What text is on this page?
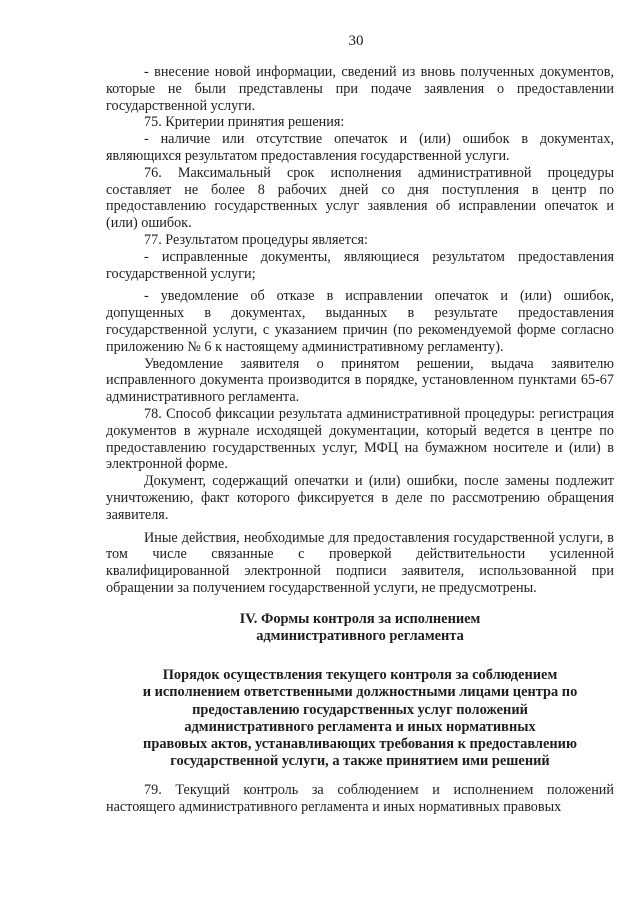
30

- внесение новой информации, сведений из вновь полученных документов, которые не были представлены при подаче заявления о предоставлении государственной услуги.

75. Критерии принятия решения:

- наличие или отсутствие опечаток и (или) ошибок в документах, являющихся результатом предоставления государственной услуги.

76. Максимальный срок исполнения административной процедуры составляет не более 8 рабочих дней со дня поступления в центр по предоставлению государственных услуг заявления об исправлении опечаток и (или) ошибок.

77. Результатом процедуры является:

- исправленные документы, являющиеся результатом предоставления государственной услуги;

- уведомление об отказе в исправлении опечаток и (или) ошибок, допущенных в документах, выданных в результате предоставления государственной услуги, с указанием причин (по рекомендуемой форме согласно приложению № 6 к настоящему административному регламенту).

Уведомление заявителя о принятом решении, выдача заявителю исправленного документа производится в порядке, установленном пунктами 65-67 административного регламента.

78. Способ фиксации результата административной процедуры: регистрация документов в журнале исходящей документации, который ведется в центре по предоставлению государственных услуг, МФЦ на бумажном носителе и (или) в электронной форме.

Документ, содержащий опечатки и (или) ошибки, после замены подлежит уничтожению, факт которого фиксируется в деле по рассмотрению обращения заявителя.

Иные действия, необходимые для предоставления государственной услуги, в том числе связанные с проверкой действительности усиленной квалифицированной электронной подписи заявителя, использованной при обращении за получением государственной услуги, не предусмотрены.

IV. Формы контроля за исполнением
административного регламента
Порядок осуществления текущего контроля за соблюдением
и исполнением ответственными должностными лицами центра по
предоставлению государственных услуг положений
административного регламента и иных нормативных
правовых актов, устанавливающих требования к предоставлению
государственной услуги, а также принятием ими решений

79. Текущий контроль за соблюдением и исполнением положений настоящего административного регламента и иных нормативных правовых
